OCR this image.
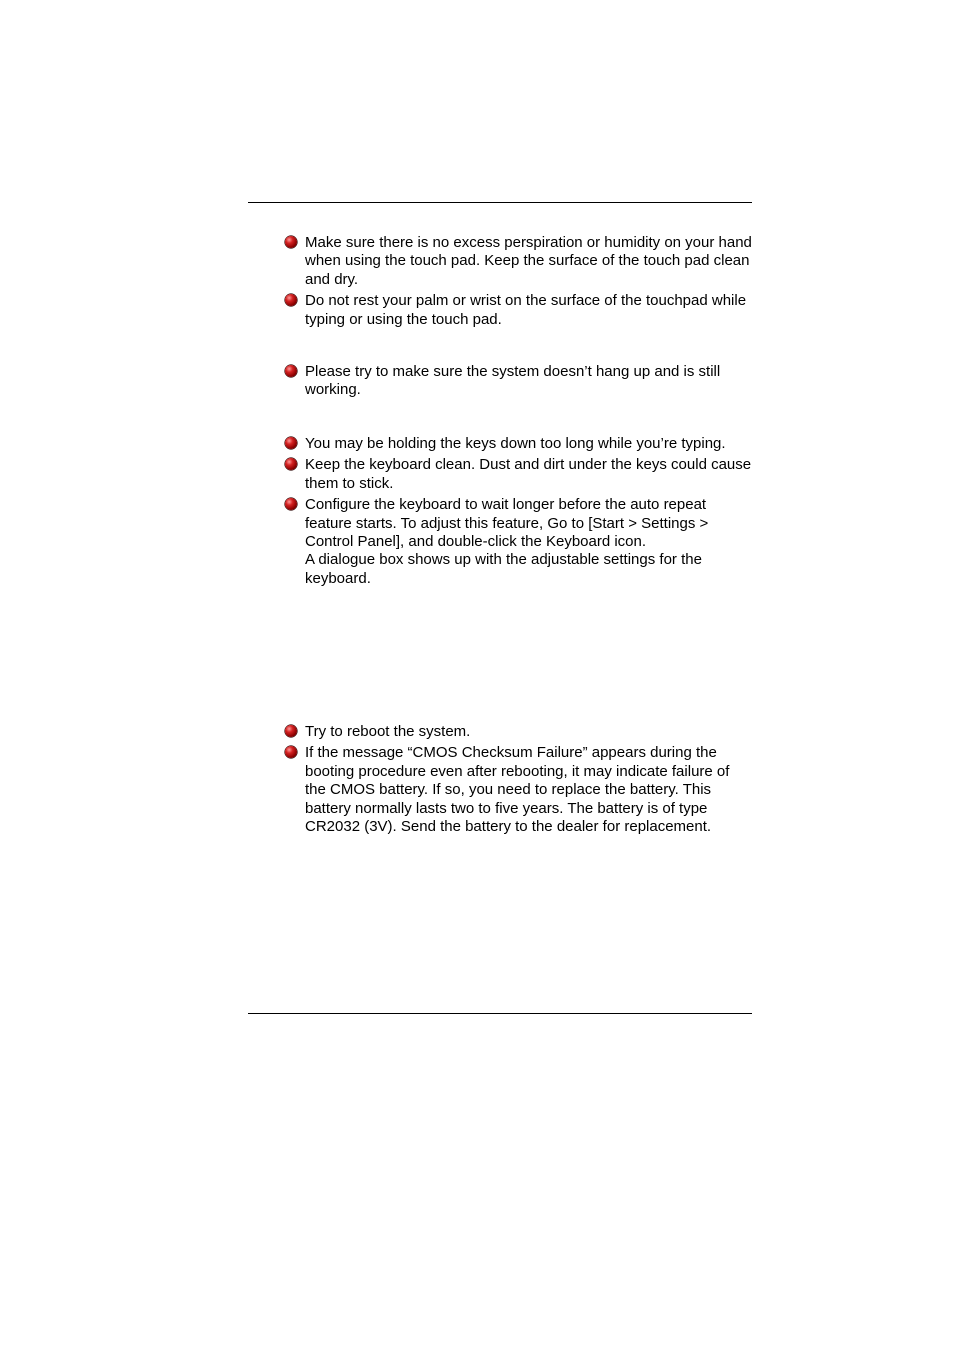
Make sure there is no excess perspiration or humidity on your hand when using the touch pad. Keep the surface of the touch pad clean and dry.

Do not rest your palm or wrist on the surface of the touchpad while typing or using the touch pad.

Please try to make sure the system doesn’t hang up and is still working.

You may be holding the keys down too long while you’re typing.

Keep the keyboard clean. Dust and dirt under the keys could cause them to stick.

Configure the keyboard to wait longer before the auto repeat feature starts. To adjust this feature, Go to [Start > Settings > Control Panel], and double-click the Keyboard icon.

A dialogue box shows up with the adjustable settings for the keyboard.

Try to reboot the system.

If the message “CMOS Checksum Failure” appears during the booting procedure even after rebooting, it may indicate failure of the CMOS battery. If so, you need to replace the battery. This battery normally lasts two to five years. The battery is of type CR2032 (3V). Send the battery to the dealer for replacement.
